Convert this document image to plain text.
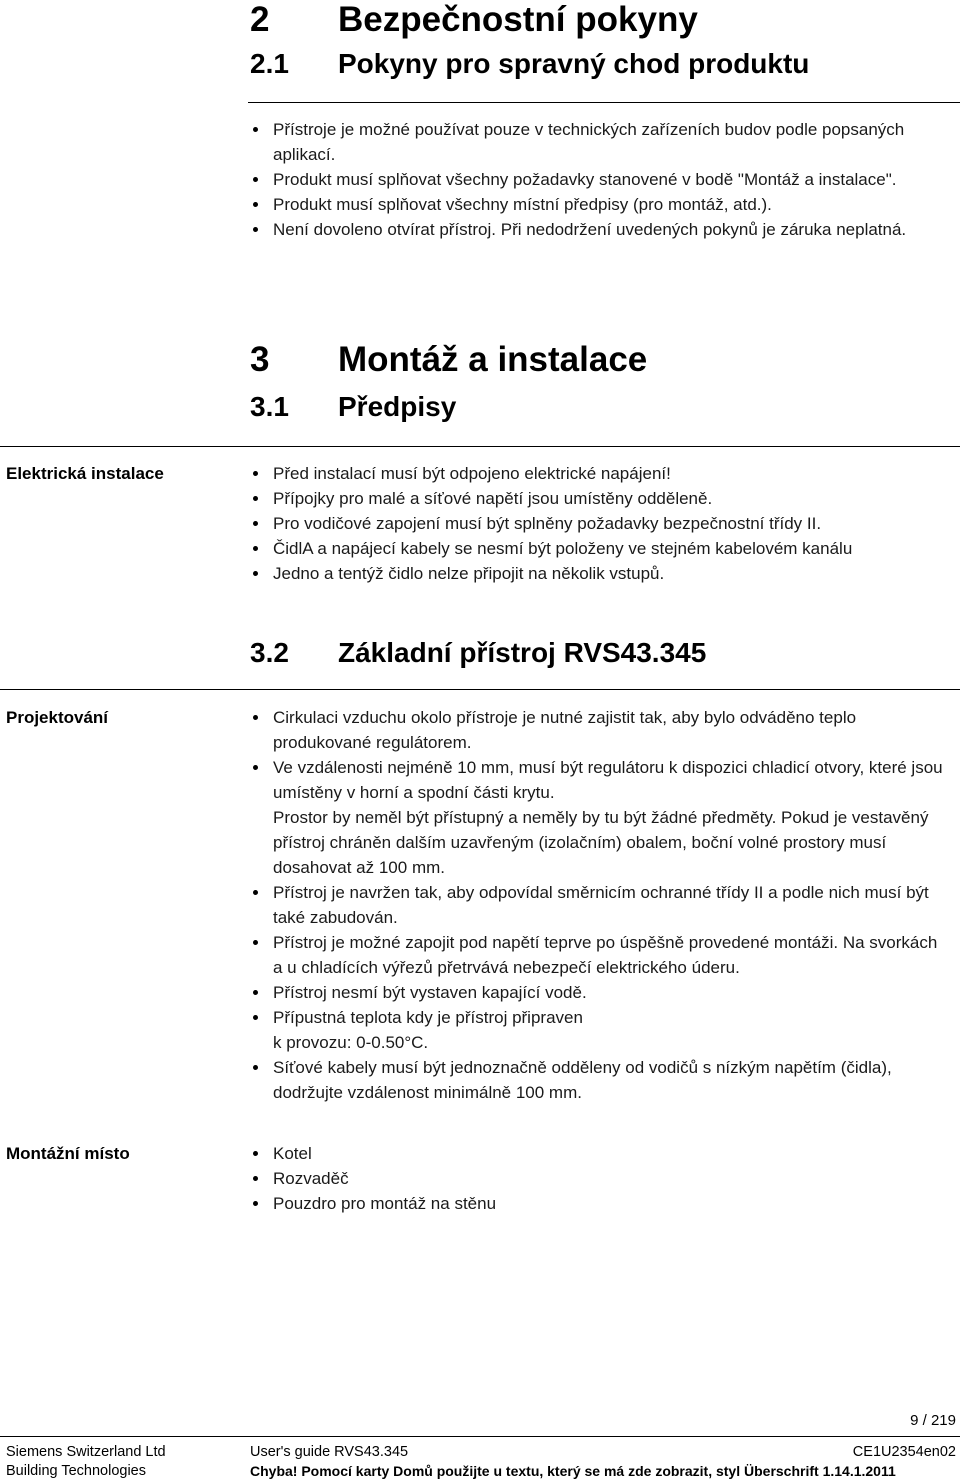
2 Bezpečnostní pokyny
2.1 Pokyny pro spravný chod produktu
Přístroje je možné používat pouze v technických zařízeních budov podle popsaných aplikací.
Produkt musí splňovat všechny požadavky stanovené v bodě "Montáž a instalace".
Produkt musí splňovat všechny místní předpisy (pro montáž, atd.).
Není dovoleno otvírat přístroj. Při nedodržení uvedených pokynů je záruka neplatná.
3 Montáž a instalace
3.1 Předpisy
Elektrická instalace	Před instalací musí být odpojeno elektrické napájení!
Přípojky pro malé a síťové napětí jsou umístěny odděleně.
Pro vodičové zapojení musí být splněny požadavky bezpečnostní třídy II.
ČidlA a napájecí kabely se nesmí být položeny ve stejném kabelovém kanálu
Jedno a tentýž čidlo nelze připojit na několik vstupů.
3.2 Základní přístroj RVS43.345
Projektování	Cirkulaci vzduchu okolo přístroje je nutné zajistit tak, aby bylo odváděno teplo produkované regulátorem.
Ve vzdálenosti nejméně 10 mm, musí být regulátoru k dispozici chladicí otvory, které jsou umístěny v horní a spodní části krytu.
Prostor by neměl být přístupný a neměly by tu být žádné předměty. Pokud je vestavěný přístroj chráněn dalším uzavřeným (izolačním) obalem, boční volné prostory musí dosahovat až 100 mm.
Přístroj je navržen tak, aby odpovídal směrnicím ochranné třídy II a podle nich musí být také zabudován.
Přístroj je možné zapojit pod napětí teprve po úspěšně provedené montáži. Na svorkách a u chladících výřezů přetrvává nebezpečí elektrického úderu.
Přístroj nesmí být vystaven kapající vodě.
Přípustná teplota kdy je přístroj připraven
k provozu: 0-0.50°C.
Síťové kabely musí být jednoznačně odděleny od vodičů s nízkým napětím (čidla), dodržujte vzdálenost minimálně 100 mm.
Montážní místo	Kotel
Rozvaděč
Pouzdro pro montáž na stěnu
9 / 219
Siemens Switzerland Ltd	User's guide RVS43.345	CE1U2354en02
Building Technologies	Chyba! Pomocí karty Domů použijte u textu, který se má zde zobrazit, styl Überschrift 1.14.1.2011
